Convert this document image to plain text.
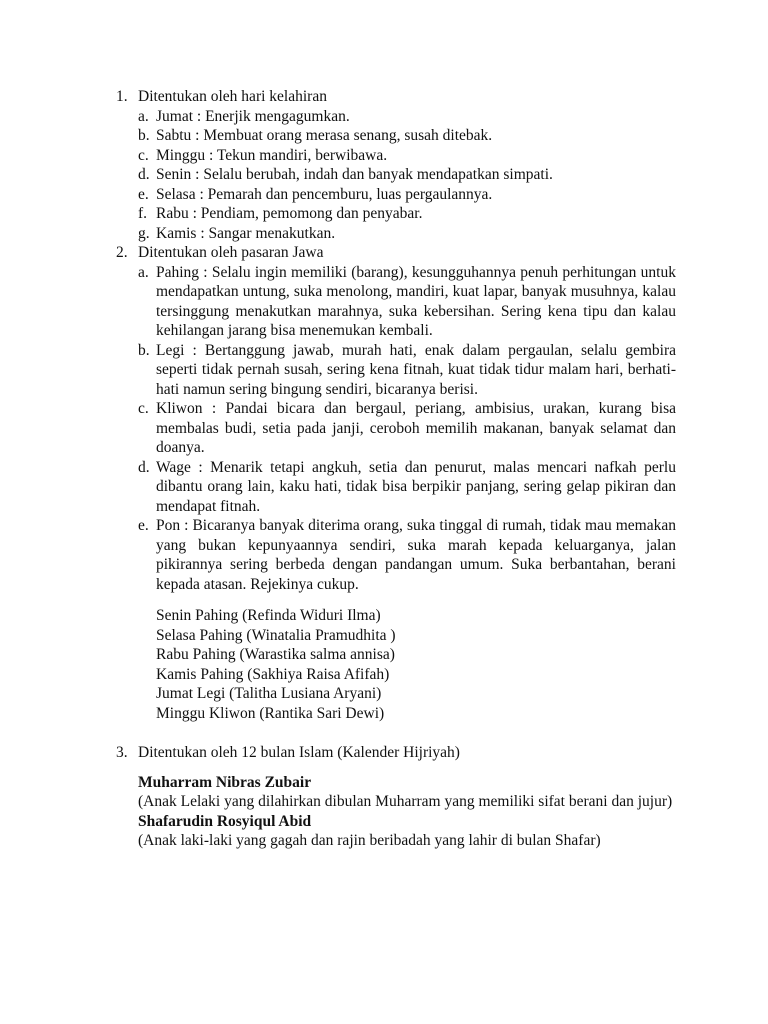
1. Ditentukan oleh hari kelahiran
a. Jumat : Enerjik mengagumkan.
b. Sabtu : Membuat orang merasa senang, susah ditebak.
c. Minggu : Tekun mandiri, berwibawa.
d. Senin : Selalu berubah, indah dan banyak mendapatkan simpati.
e. Selasa : Pemarah dan pencemburu, luas pergaulannya.
f. Rabu : Pendiam, pemomong dan penyabar.
g. Kamis : Sangar menakutkan.
2. Ditentukan oleh pasaran Jawa
a. Pahing : Selalu ingin memiliki (barang), kesungguhannya penuh perhitungan untuk mendapatkan untung, suka menolong, mandiri, kuat lapar, banyak musuhnya, kalau tersinggung menakutkan marahnya, suka kebersihan. Sering kena tipu dan kalau kehilangan jarang bisa menemukan kembali.
b. Legi : Bertanggung jawab, murah hati, enak dalam pergaulan, selalu gembira seperti tidak pernah susah, sering kena fitnah, kuat tidak tidur malam hari, berhati-hati namun sering bingung sendiri, bicaranya berisi.
c. Kliwon : Pandai bicara dan bergaul, periang, ambisius, urakan, kurang bisa membalas budi, setia pada janji, ceroboh memilih makanan, banyak selamat dan doanya.
d. Wage : Menarik tetapi angkuh, setia dan penurut, malas mencari nafkah perlu dibantu orang lain, kaku hati, tidak bisa berpikir panjang, sering gelap pikiran dan mendapat fitnah.
e. Pon : Bicaranya banyak diterima orang, suka tinggal di rumah, tidak mau memakan yang bukan kepunyaannya sendiri, suka marah kepada keluarganya, jalan pikirannya sering berbeda dengan pandangan umum. Suka berbantahan, berani kepada atasan. Rejekinya cukup.
Senin Pahing (Refinda Widuri Ilma)
Selasa Pahing (Winatalia Pramudhita )
Rabu Pahing (Warastika salma annisa)
Kamis Pahing (Sakhiya Raisa Afifah)
Jumat Legi (Talitha Lusiana Aryani)
Minggu Kliwon (Rantika Sari Dewi)
3. Ditentukan oleh 12 bulan Islam (Kalender Hijriyah)
Muharram Nibras Zubair
(Anak Lelaki yang dilahirkan dibulan Muharram yang memiliki sifat berani dan jujur)
Shafarudin Rosyiqul Abid
(Anak laki-laki yang gagah dan rajin beribadah yang lahir di bulan Shafar)
